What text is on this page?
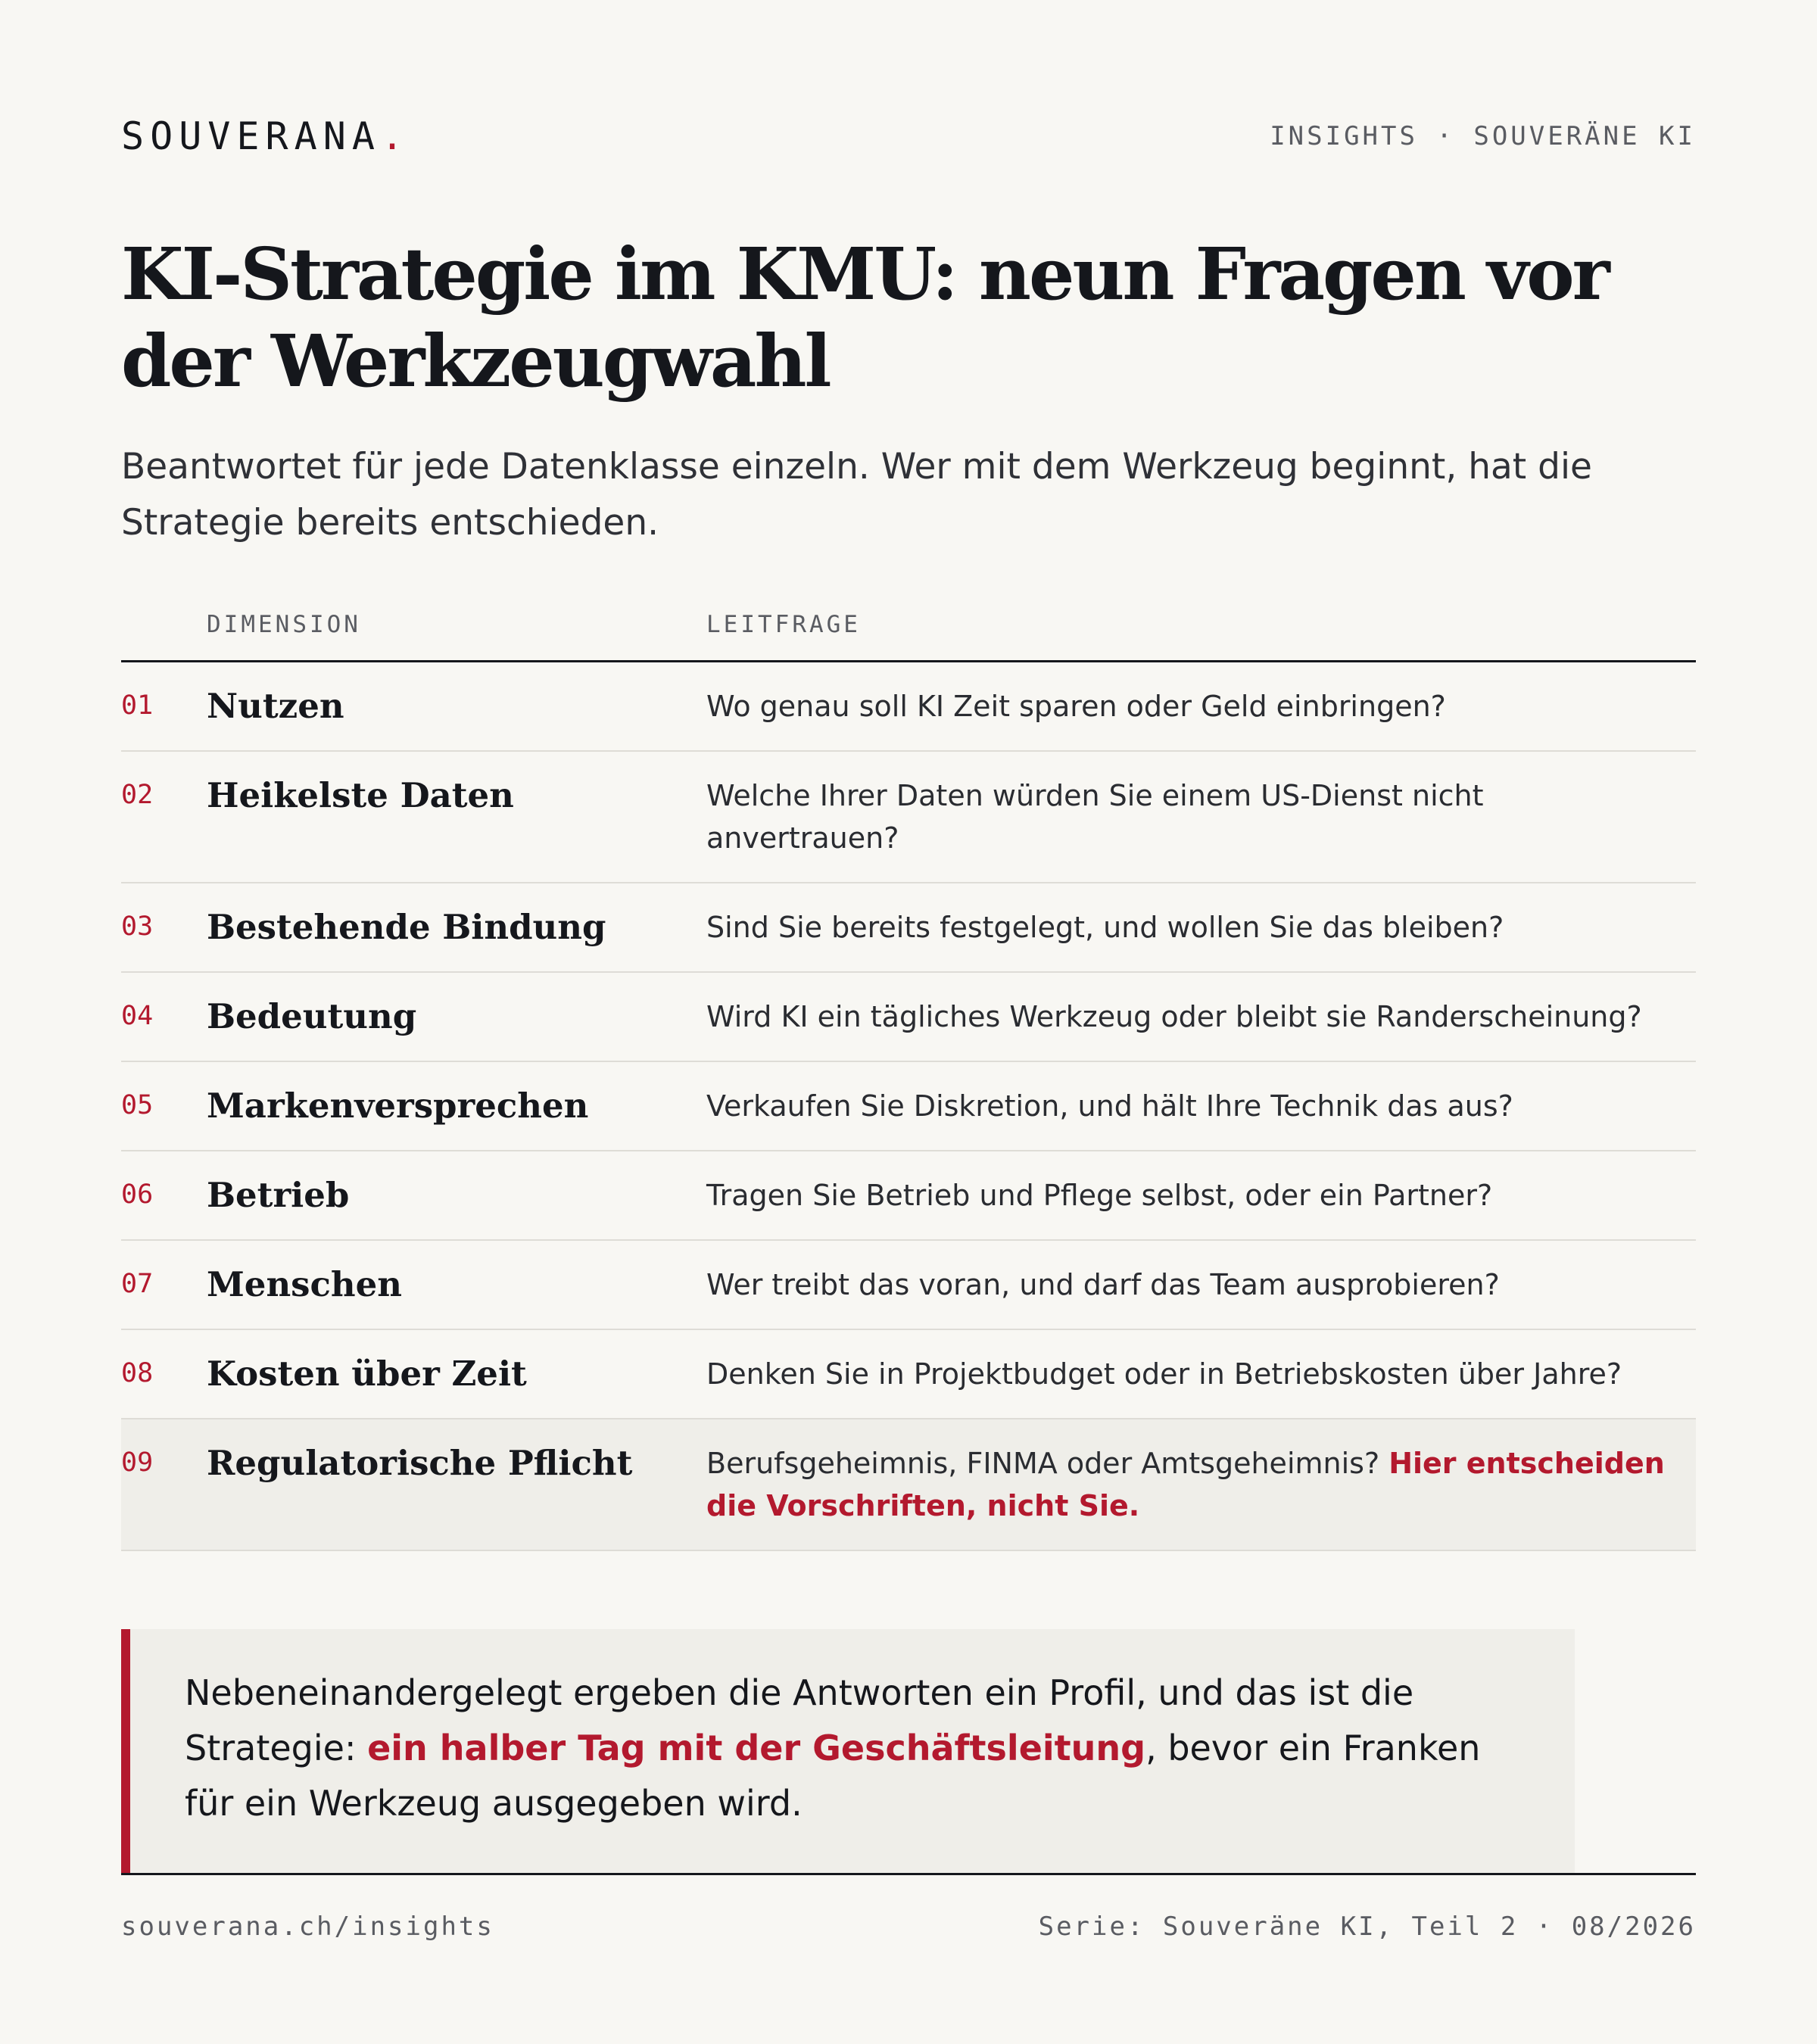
SOUVERANA.	INSIGHTS · SOUVERÄNE KI
KI-Strategie im KMU: neun Fragen vor der Werkzeugwahl

Beantwortet für jede Datenklasse einzeln. Wer mit dem Werkzeug beginnt, hat die Strategie bereits entschieden.

DIMENSION	LEITFRAGE
01 Nutzen	Wo genau soll KI Zeit sparen oder Geld einbringen?
02 Heikelste Daten	Welche Ihrer Daten würden Sie einem US-Dienst nicht anvertrauen?
03 Bestehende Bindung	Sind Sie bereits festgelegt, und wollen Sie das bleiben?
04 Bedeutung	Wird KI ein tägliches Werkzeug oder bleibt sie Randerscheinung?
05 Markenversprechen	Verkaufen Sie Diskretion, und hält Ihre Technik das aus?
06 Betrieb	Tragen Sie Betrieb und Pflege selbst, oder ein Partner?
07 Menschen	Wer treibt das voran, und darf das Team ausprobieren?
08 Kosten über Zeit	Denken Sie in Projektbudget oder in Betriebskosten über Jahre?
09 Regulatorische Pflicht	Berufsgeheimnis, FINMA oder Amtsgeheimnis? Hier entscheiden die Vorschriften, nicht Sie.
Nebeneinandergelegt ergeben die Antworten ein Profil, und das ist die Strategie: ein halber Tag mit der Geschäftsleitung, bevor ein Franken für ein Werkzeug ausgegeben wird.
souverana.ch/insights	Serie: Souveräne KI, Teil 2 · 08/2026
